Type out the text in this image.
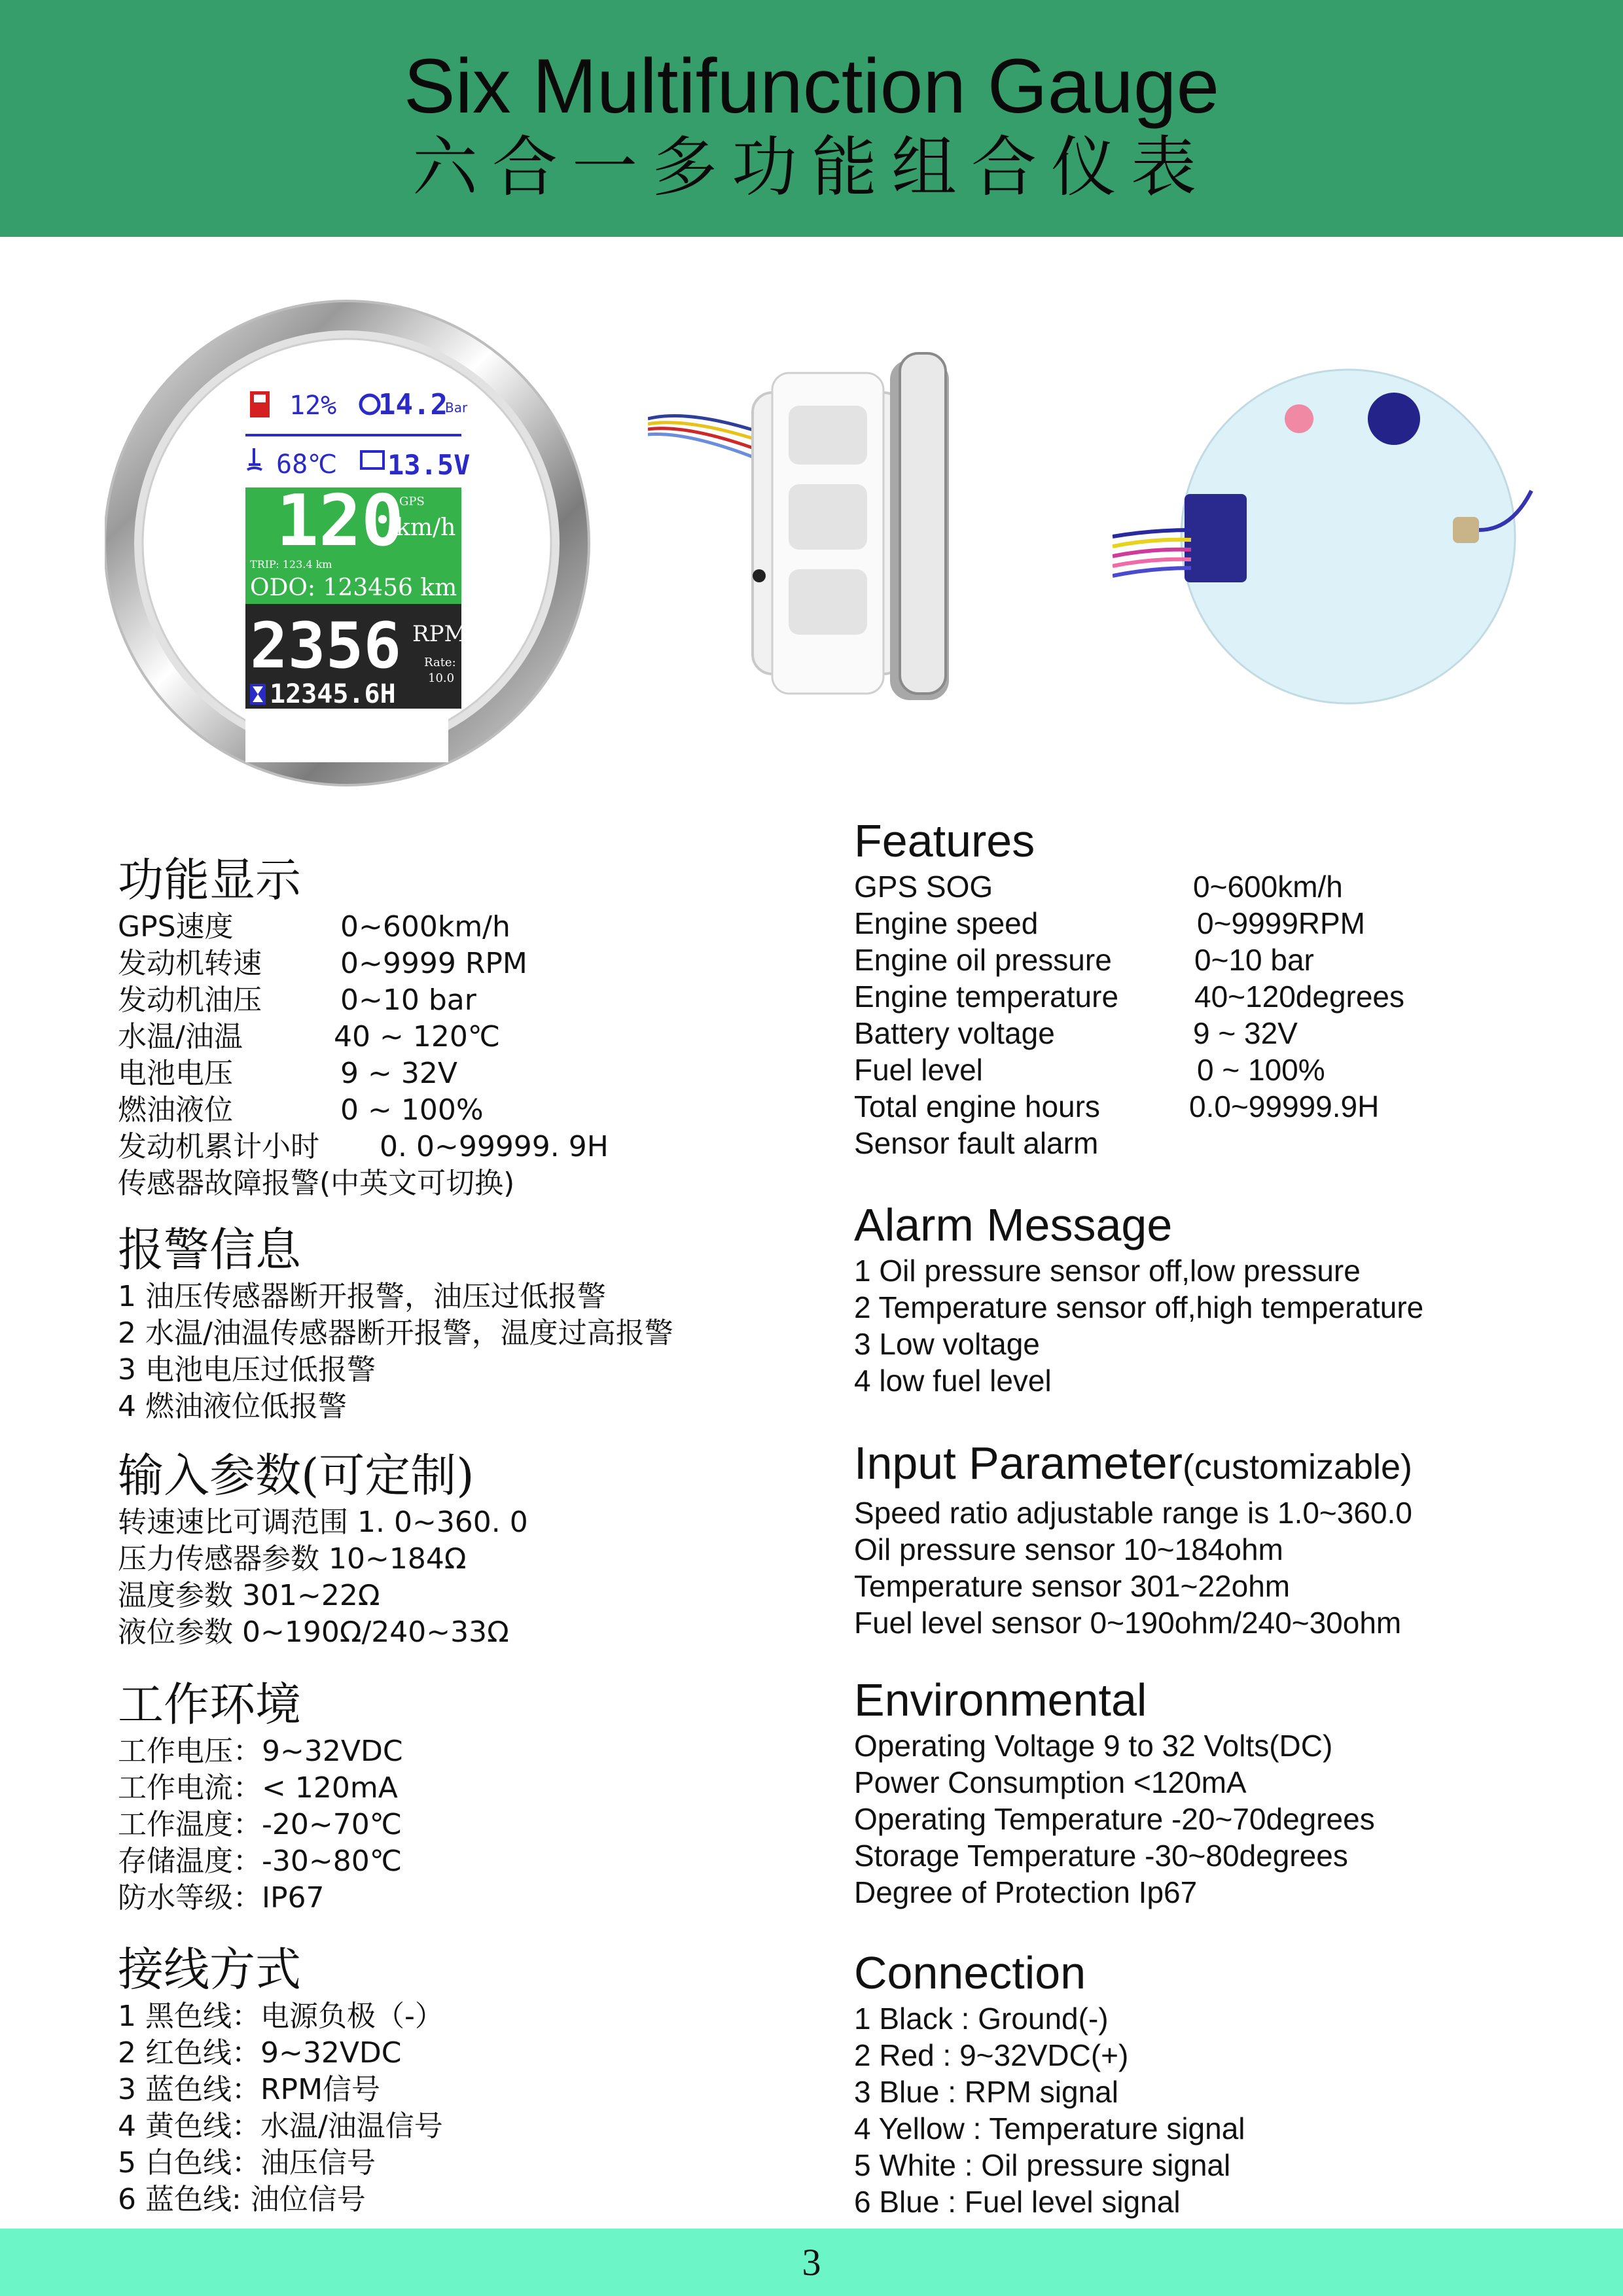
Six Multifunction Gauge
六合一多功能组合仪表
12% 14.2
Bar
68℃ 13.5V
120
GPS
km/h
TRIP: 123.4 km
ODO: 123456 km
2356 RPM
Rate:
10.0
12345.6H
功能显示
GPS速度	0~600km/h
发动机转速	0~9999 RPM
发动机油压	0~10 bar
水温/油温	40 ~ 120℃
电池电压	9 ~ 32V
燃油液位	0 ~ 100%
发动机累计小时 0. 0~99999. 9H
传感器故障报警(中英文可切换)
报警信息
1 油压传感器断开报警，油压过低报警
2 水温/油温传感器断开报警，温度过高报警
3 电池电压过低报警
4 燃油液位低报警
输入参数(可定制)
转速速比可调范围 1. 0~360. 0
压力传感器参数 10~184Ω
温度参数 301~22Ω
液位参数 0~190Ω/240~33Ω
工作环境
工作电压：9~32VDC
工作电流：< 120mA
工作温度：-20~70℃
存储温度：-30~80℃
防水等级：IP67
接线方式
1 黑色线：电源负极（-）
2 红色线：9~32VDC
3 蓝色线：RPM信号
4 黄色线：水温/油温信号
5 白色线：油压信号
6 蓝色线: 油位信号
Features
GPS SOG	0~600km/h
Engine speed	0~9999RPM
Engine oil pressure	0~10 bar
Engine temperature	40~120degrees
Battery voltage	9 ~ 32V
Fuel level	0 ~ 100%
Total engine hours	0.0~99999.9H
Sensor fault alarm
Alarm Message
1 Oil pressure sensor off,low pressure
2 Temperature sensor off,high temperature
3 Low voltage
4 low fuel level
Input Parameter(customizable)
Speed ratio adjustable range is 1.0~360.0
Oil pressure sensor 10~184ohm
Temperature sensor 301~22ohm
Fuel level sensor 0~190ohm/240~30ohm
Environmental
Operating Voltage 9 to 32 Volts(DC)
Power Consumption <120mA
Operating Temperature -20~70degrees
Storage Temperature -30~80degrees
Degree of Protection Ip67
Connection
1 Black : Ground(-)
2 Red : 9~32VDC(+)
3 Blue : RPM signal
4 Yellow : Temperature signal
5 White : Oil pressure signal
6 Blue : Fuel level signal
3
